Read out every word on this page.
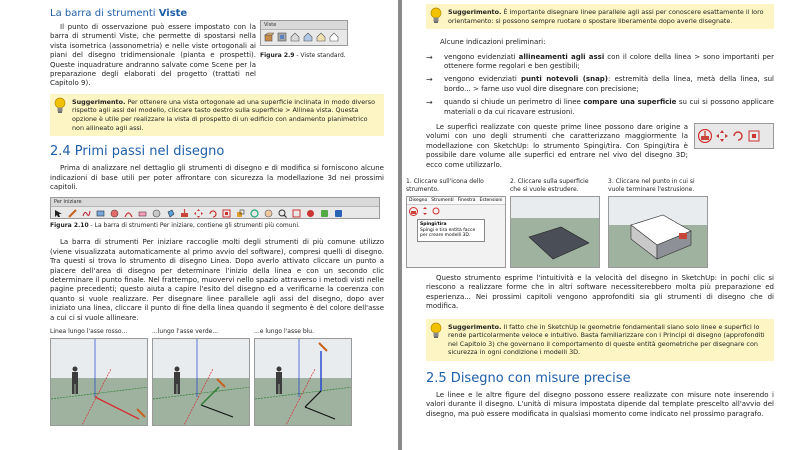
La barra di strumenti Viste

Il punto di osservazione può essere impostato con la barra di strumenti Viste, che permette di spostarsi nella vista isometrica (assonometria) e nelle viste ortogonali ai piani del disegno tridimensionale (pianta e prospetti). Queste inquadrature andranno salvate come Scene per la preparazione degli elaborati del progetto (trattati nel Capitolo 9).

Viste
Figura 2.9 - Viste standard.
Suggerimento. Per ottenere una vista ortogonale ad una superficie inclinata in modo diverso rispetto agli assi del modello, cliccare tasto destro sulla superficie > Allinea vista. Questa opzione è utile per realizzare la vista di prospetto di un edificio con andamento planimetrico non allineato agli assi.
2.4 Primi passi nel disegno

Prima di analizzare nel dettaglio gli strumenti di disegno e di modifica si forniscono alcune indicazioni di base utili per poter affrontare con sicurezza la modellazione 3d nei prossimi capitoli.

Per iniziare
Figura 2.10 - La barra di strumenti Per iniziare, contiene gli strumenti più comuni.

La barra di strumenti Per iniziare raccoglie molti degli strumenti di più comune utilizzo (viene visualizzata automaticamente al primo avvio del software), compresi quelli di disegno. Tra questi si trova lo strumento di disegno Linea. Dopo averlo attivato cliccare un punto a piacere dell'area di disegno per determinare l'inizio della linea e con un secondo clic determinare il punto finale. Nel frattempo, muovervi nello spazio attraverso i metodi visti nelle pagine precedenti; questo aiuta a capire l'esito del disegno ed a verificarne la coerenza con quanto si vuole realizzare. Per disegnare linee parallele agli assi del disegno, dopo aver iniziato una linea, cliccare il punto di fine della linea quando il segmento è del colore dell'asse a cui ci si vuole allineare.

Linea lungo l'asse rosso...	...lungo l'asse verde...	...e lungo l'asse blu.
Suggerimento. È importante disegnare linee parallele agli assi per conoscere esattamente il loro orientamento: si possono sempre ruotare o spostare liberamente dopo averle disegnate.

Alcune indicazioni preliminari:

→	vengono evidenziati allineamenti agli assi con il colore della linea > sono importanti per ottenere forme regolari e ben gestibili;

→	vengono evidenziati punti notevoli (snap): estremità della linea, metà della linea, sul bordo... > farne uso vuol dire disegnare con precisione;

→	quando si chiude un perimetro di linee compare una superficie su cui si possono applicare materiali o da cui ricavare estrusioni.

Le superfici realizzate con queste prime linee possono dare origine a volumi con uno degli strumenti che caratterizzano maggiormente la modellazione con SketchUp: lo strumento Spingi/tira. Con Spingi/tira è possibile dare volume alle superfici ed entrare nel vivo del disegno 3D; ecco come utilizzarlo.

1. Cliccare sull'icona dello strumento.
2. Cliccare sulla superficie che si vuole estrudere.
3. Cliccare nel punto in cui si vuole terminare l'estrusione.
Disegno Strumenti Finestra Estensioni
Spingi/tira
Spingi e tira entità facce per creare modelli 3D.

Questo strumento esprime l'intuitività e la velocità del disegno in SketchUp: in pochi clic si riescono a realizzare forme che in altri software necessiterebbero molta più preparazione ed esperienza... Nei prossimi capitoli vengono approfonditi sia gli strumenti di disegno che di modifica.

Suggerimento. Il fatto che in SketchUp le geometrie fondamentali siano solo linee e superfici lo rende particolarmente veloce e intuitivo. Basta familiarizzare con i Principi di disegno (approfonditi nel Capitolo 3) che governano il comportamento di queste entità geometriche per disegnare con sicurezza in ogni condizione i modelli 3D.
2.5 Disegno con misure precise

Le linee e le altre figure del disegno possono essere realizzate con misure note inserendo i valori durante il disegno. L'unità di misura impostata dipende dal template prescelto all'avvio del disegno, ma può essere modificata in qualsiasi momento come indicato nel prossimo paragrafo.
